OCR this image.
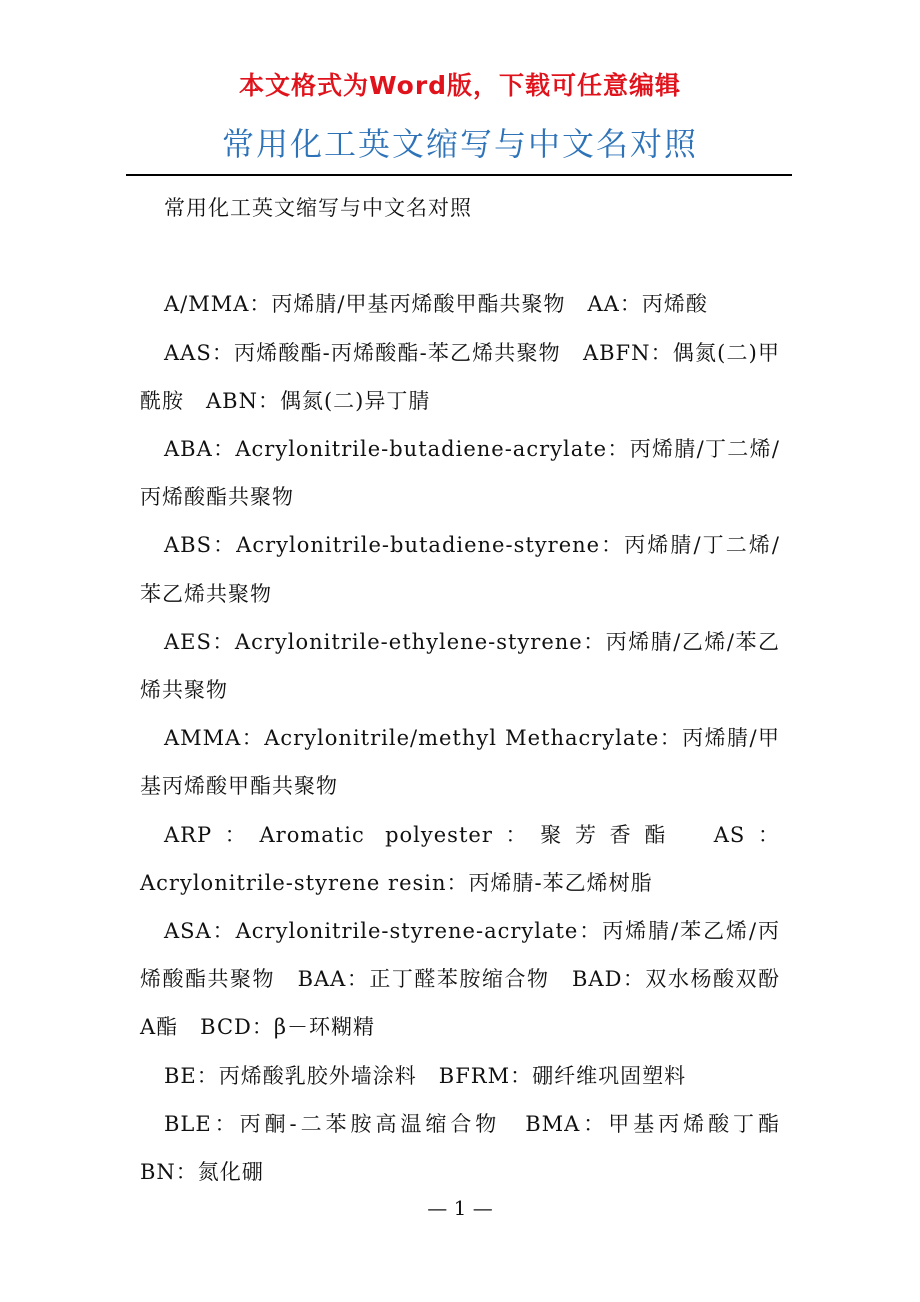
本文格式为Word版，下载可任意编辑
常用化工英文缩写与中文名对照

常用化工英文缩写与中文名对照

A/MMA：丙烯腈/甲基丙烯酸甲酯共聚物　AA：丙烯酸

AAS：丙烯酸酯-丙烯酸酯-苯乙烯共聚物　ABFN：偶氮(二)甲酰胺　ABN：偶氮(二)异丁腈

ABA：Acrylonitrile-butadiene-acrylate：丙烯腈/丁二烯/丙烯酸酯共聚物

ABS：Acrylonitrile-butadiene-styrene：丙烯腈/丁二烯/苯乙烯共聚物

AES：Acrylonitrile-ethylene-styrene：丙烯腈/乙烯/苯乙烯共聚物

AMMA：Acrylonitrile/methyl Methacrylate：丙烯腈/甲基丙烯酸甲酯共聚物

ARP：Aromatic polyester：聚芳香酯　AS：Acrylonitrile-styrene resin：丙烯腈-苯乙烯树脂

ASA：Acrylonitrile-styrene-acrylate：丙烯腈/苯乙烯/丙烯酸酯共聚物　BAA：正丁醛苯胺缩合物　BAD：双水杨酸双酚A酯　BCD：β－环糊精

BE：丙烯酸乳胶外墙涂料　BFRM：硼纤维巩固塑料

BLE：丙酮-二苯胺高温缩合物　BMA：甲基丙烯酸丁酯　BN：氮化硼

— 1 —
